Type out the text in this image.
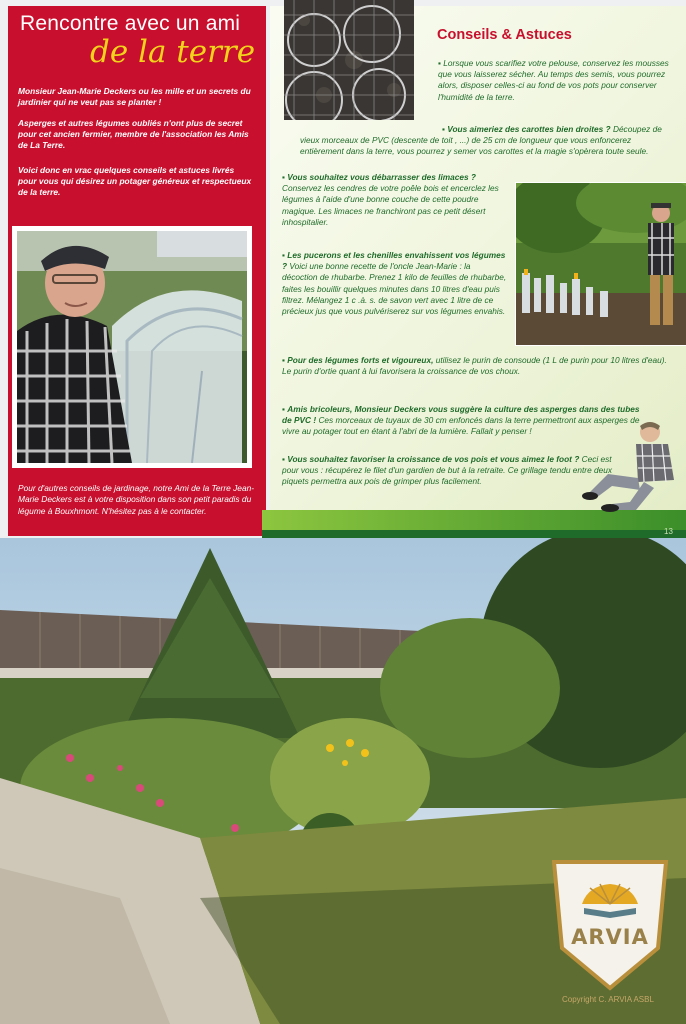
Rencontre avec un ami
de la terre
Monsieur Jean-Marie Deckers ou les mille et un secrets du jardinier qui ne veut pas se planter !
Asperges et autres légumes oubliés n'ont plus de secret pour cet ancien fermier, membre de l'association les Amis de La Terre.
Voici donc en vrac quelques conseils et astuces livrés pour vous qui désirez un potager généreux et respectueux de la terre.
Pour d'autres conseils de jardinage, notre Ami de la Terre Jean-Marie Deckers est à votre disposition dans son petit paradis du légume à Bouxhmont. N'hésitez pas à le contacter.
13
Conseils & Astuces
▪ Lorsque vous scarifiez votre pelouse, conservez les mousses que vous laisserez sécher. Au temps des semis, vous pourrez alors, disposer celles-ci au fond de vos pots pour conserver l'humidité de la terre.
▪ Vous aimeriez des carottes bien droites ? Découpez de vieux morceaux de PVC (descente de toit , ...) de 25 cm de longueur que vous enfoncerez entièrement dans la terre, vous pourrez y semer vos carottes et la magie s'opèrera toute seule.
▪ Vous souhaitez vous débarrasser des limaces ? Conservez les cendres de votre poêle bois et encerclez les légumes à l'aide d'une bonne couche de cette poudre magique. Les limaces ne franchiront pas ce petit désert inhospitalier.
▪ Les pucerons et les chenilles envahissent vos légumes ? Voici une bonne recette de l'oncle Jean-Marie : la décoction de rhubarbe. Prenez 1 kilo de feuilles de rhubarbe, faites les bouillir quelques minutes dans 10 litres d'eau puis filtrez. Mélangez 1 c .à. s. de savon vert avec 1 litre de ce précieux jus que vous pulvériserez sur vos légumes envahis.
▪ Pour des légumes forts et vigoureux, utilisez le purin de consoude (1 L de purin pour 10 litres d'eau). Le purin d'ortie quant à lui favorisera la croissance de vos choux.
▪ Amis bricoleurs, Monsieur Deckers vous suggère la culture des asperges dans des tubes de PVC ! Ces morceaux de tuyaux de 30 cm enfoncés dans la terre permettront aux asperges de vivre au potager tout en étant à l'abri de la lumière. Fallait y penser !
▪ Vous souhaitez favoriser la croissance de vos pois et vous aimez le foot ? Ceci est pour vous : récupérez le filet d'un gardien de but à la retraite. Ce grillage tendu entre deux piquets permettra aux pois de grimper plus facilement.
ARVIA
Copyright C. ARVIA ASBL
